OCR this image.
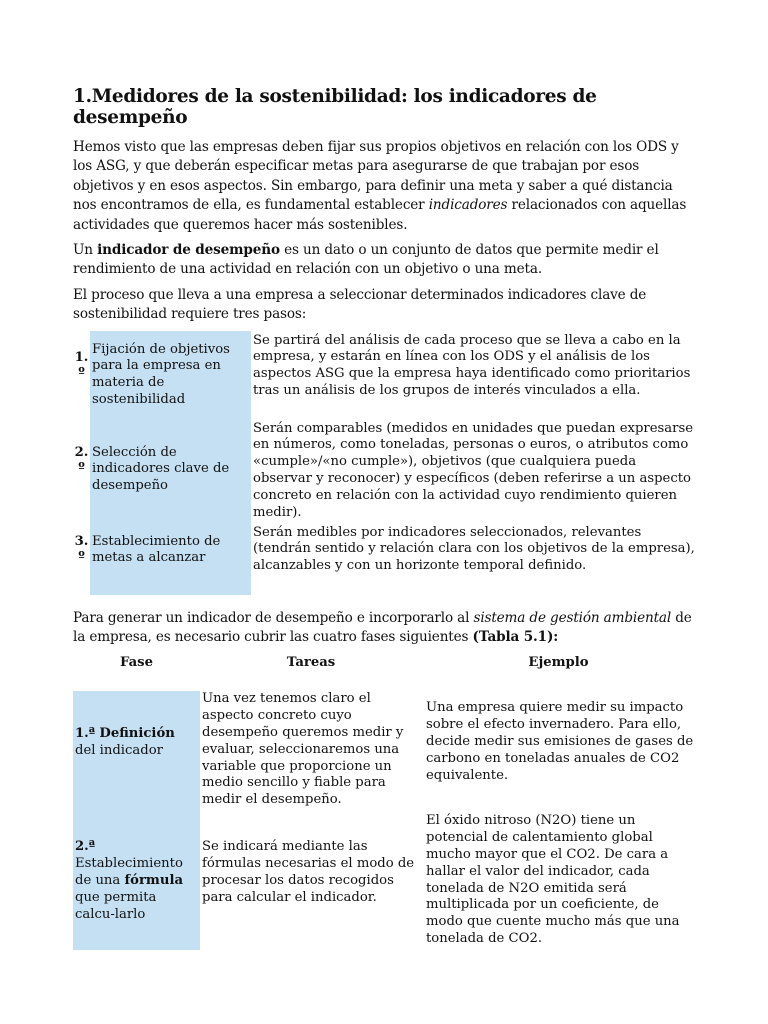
1.Medidores de la sostenibilidad: los indicadores de desempeño

Hemos visto que las empresas deben fijar sus propios objetivos en relación con los ODS y los ASG, y que deberán especificar metas para asegurarse de que trabajan por esos objetivos y en esos aspectos. Sin embargo, para definir una meta y saber a qué distancia nos encontramos de ella, es fundamental establecer indicadores relacionados con aquellas actividades que queremos hacer más sostenibles.

Un indicador de desempeño es un dato o un conjunto de datos que permite medir el rendimiento de una actividad en relación con un objetivo o una meta.

El proceso que lleva a una empresa a seleccionar determinados indicadores clave de sostenibilidad requiere tres pasos:

1.
º
Fijación de objetivos para la empresa en materia de sostenibilidad
Se partirá del análisis de cada proceso que se lleva a cabo en la empresa, y estarán en línea con los ODS y el análisis de los aspectos ASG que la empresa haya identificado como prioritarios tras un análisis de los grupos de interés vinculados a ella.
2.
º
Selección de indicadores clave de desempeño
Serán comparables (medidos en unidades que puedan expresarse en números, como toneladas, personas o euros, o atributos como «cumple»/«no cumple»), objetivos (que cualquiera pueda observar y reconocer) y específicos (deben referirse a un aspecto concreto en relación con la actividad cuyo rendimiento quieren medir).
3.
º
Establecimiento de metas a alcanzar
Serán medibles por indicadores seleccionados, relevantes (tendrán sentido y relación clara con los objetivos de la empresa), alcanzables y con un horizonte temporal definido.

Para generar un indicador de desempeño e incorporarlo al sistema de gestión ambiental de la empresa, es necesario cubrir las cuatro fases siguientes (Tabla 5.1):

Fase	Tareas	Ejemplo
1.ª Definición del indicador
Una vez tenemos claro el aspecto concreto cuyo desempeño queremos medir y evaluar, seleccionaremos una variable que proporcione un medio sencillo y fiable para medir el desempeño.
Una empresa quiere medir su impacto sobre el efecto invernadero. Para ello, decide medir sus emisiones de gases de carbono en toneladas anuales de CO2 equivalente.
2.ª Establecimiento de una fórmula que permita calcu-larlo
Se indicará mediante las fórmulas necesarias el modo de procesar los datos recogidos para calcular el indicador.
El óxido nitroso (N2O) tiene un potencial de calentamiento global mucho mayor que el CO2. De cara a hallar el valor del indicador, cada tonelada de N2O emitida será multiplicada por un coeficiente, de modo que cuente mucho más que una tonelada de CO2.
